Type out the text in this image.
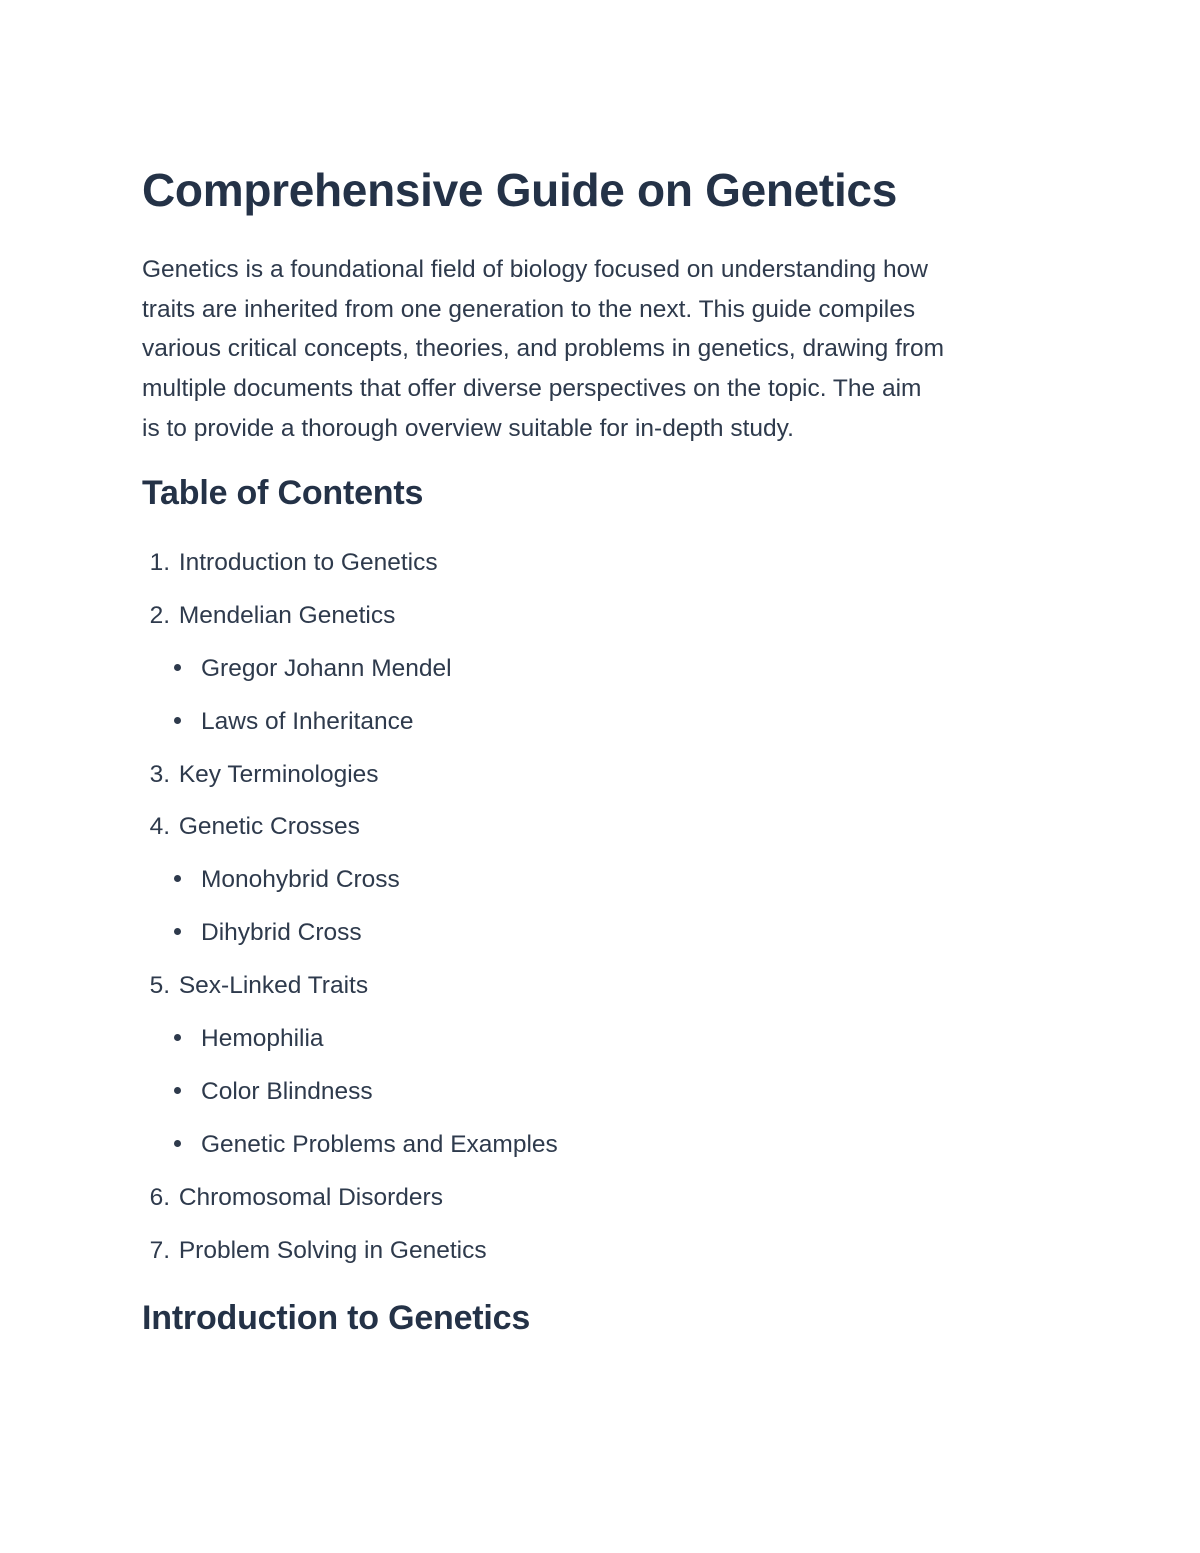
Comprehensive Guide on Genetics

Genetics is a foundational field of biology focused on understanding how
traits are inherited from one generation to the next. This guide compiles
various critical concepts, theories, and problems in genetics, drawing from
multiple documents that offer diverse perspectives on the topic. The aim
is to provide a thorough overview suitable for in-depth study.

Table of Contents
1. Introduction to Genetics
2. Mendelian Genetics
Gregor Johann Mendel
Laws of Inheritance
3. Key Terminologies
4. Genetic Crosses
Monohybrid Cross
Dihybrid Cross
5. Sex-Linked Traits
Hemophilia
Color Blindness
Genetic Problems and Examples
6. Chromosomal Disorders
7. Problem Solving in Genetics
Introduction to Genetics
